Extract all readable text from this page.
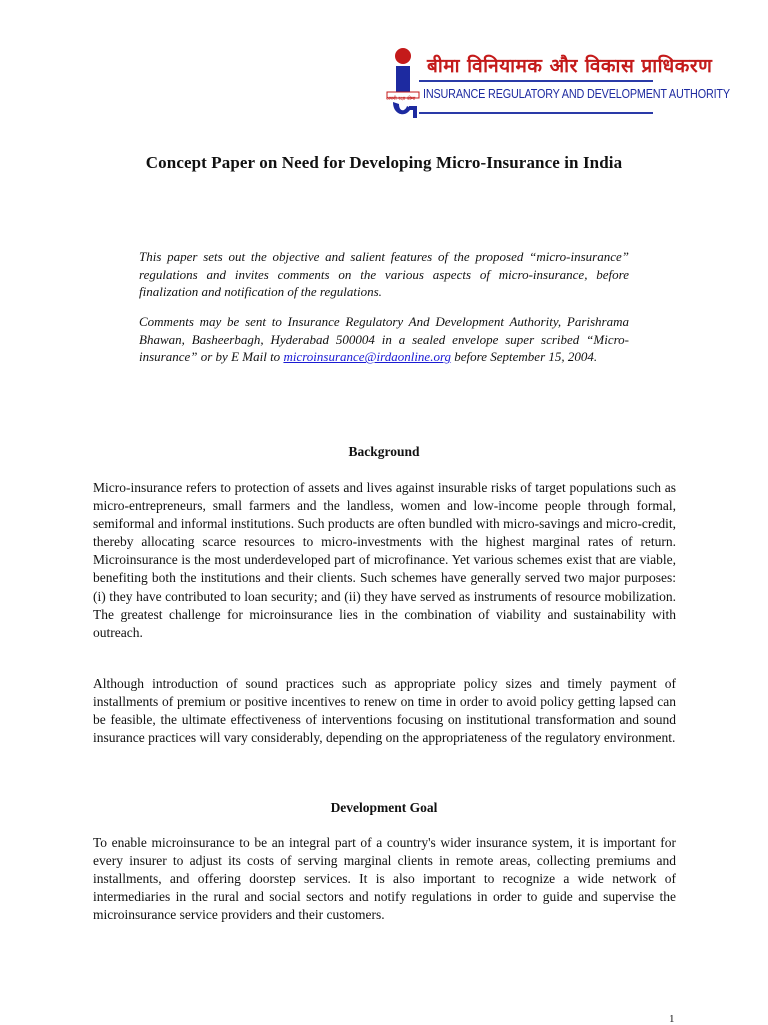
अपनी रक्षा बीमा
बीमा विनियामक और विकास प्राधिकरण
INSURANCE REGULATORY AND DEVELOPMENT AUTHORITY
Concept Paper on Need for Developing Micro-Insurance in India
This paper sets out the objective and salient features of the proposed “micro-insurance” regulations and invites comments on the various aspects of micro-insurance, before finalization and notification of the regulations.
Comments may be sent to Insurance Regulatory And Development Authority, Parishrama Bhawan, Basheerbagh, Hyderabad 500004 in a sealed envelope super scribed “Micro-insurance” or by E Mail to microinsurance@irdaonline.org before September 15, 2004.
Background
Micro-insurance refers to protection of assets and lives against insurable risks of target populations such as micro-entrepreneurs, small farmers and the landless, women and low-income people through formal, semiformal and informal institutions. Such products are often bundled with micro-savings and micro-credit, thereby allocating scarce resources to micro-investments with the highest marginal rates of return. Microinsurance is the most underdeveloped part of microfinance. Yet various schemes exist that are viable, benefiting both the institutions and their clients. Such schemes have generally served two major purposes: (i) they have contributed to loan security; and (ii) they have served as instruments of resource mobilization. The greatest challenge for microinsurance lies in the combination of viability and sustainability with outreach.
Although introduction of sound practices such as appropriate policy sizes and timely payment of installments of premium or positive incentives to renew on time in order to avoid policy getting lapsed can be feasible, the ultimate effectiveness of interventions focusing on institutional transformation and sound insurance practices will vary considerably, depending on the appropriateness of the regulatory environment.
Development Goal
To enable microinsurance to be an integral part of a country's wider insurance system, it is important for every insurer to adjust its costs of serving marginal clients in remote areas, collecting premiums and installments, and offering doorstep services. It is also important to recognize a wide network of intermediaries in the rural and social sectors and notify regulations in order to guide and supervise the microinsurance service providers and their customers.
1
